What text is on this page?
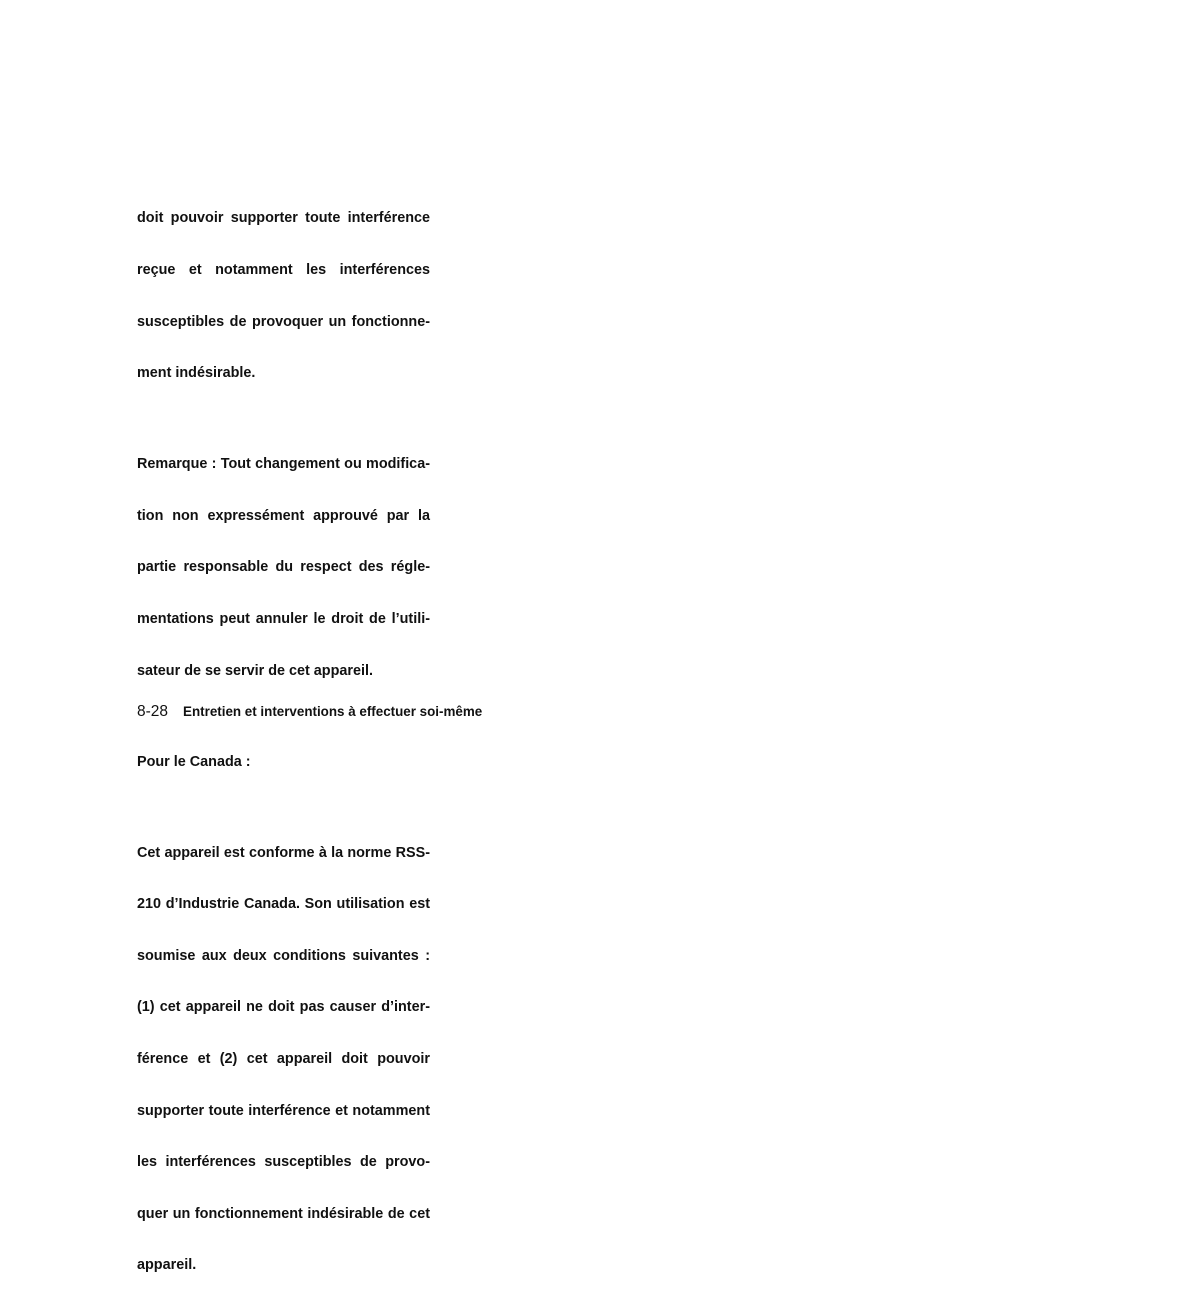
doit pouvoir supporter toute interférence

reçue et notamment les interférences

susceptibles de provoquer un fonctionne-

ment indésirable.

Remarque : Tout changement ou modifica-

tion non expressément approuvé par la

partie responsable du respect des régle-

mentations peut annuler le droit de l’utili-

sateur de se servir de cet appareil.

Pour le Canada :

Cet appareil est conforme à la norme RSS-

210 d’Industrie Canada. Son utilisation est

soumise aux deux conditions suivantes :

(1) cet appareil ne doit pas causer d’inter-

férence et (2) cet appareil doit pouvoir

supporter toute interférence et notamment

les interférences susceptibles de provo-

quer un fonctionnement indésirable de cet

appareil.

8-28 Entretien et interventions à effectuer soi-même
